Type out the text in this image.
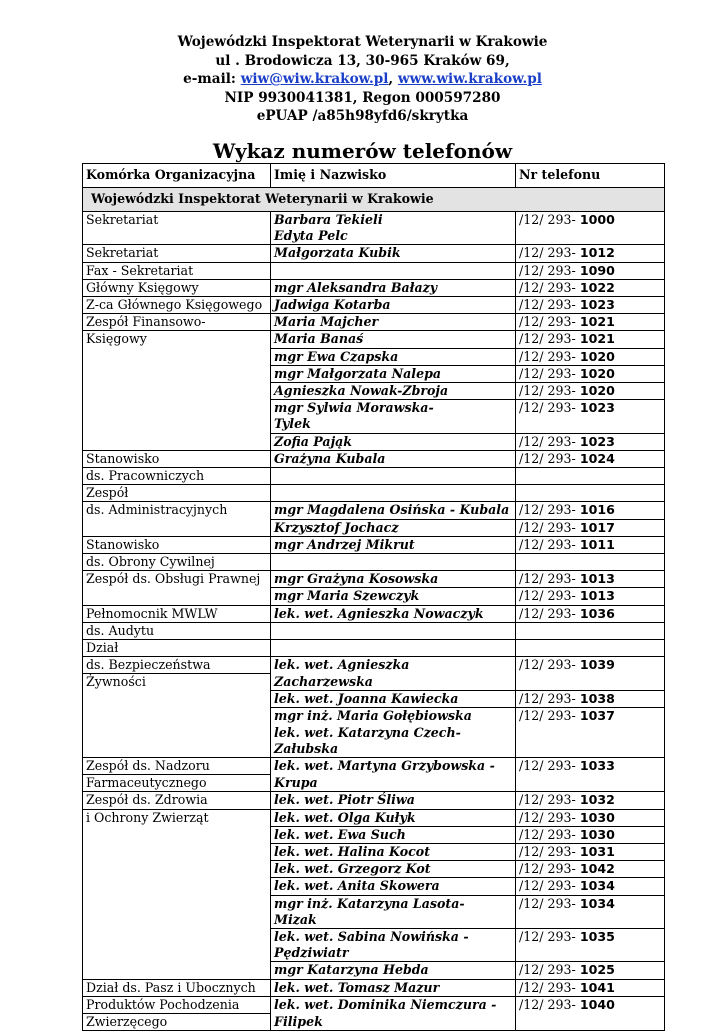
Wojewódzki Inspektorat Weterynarii w Krakowie
ul . Brodowicza 13, 30-965 Kraków 69,
e-mail: wiw@wiw.krakow.pl, www.wiw.krakow.pl
NIP 9930041381, Regon 000597280
ePUAP /a85h98yfd6/skrytka
Wykaz numerów telefonów
Komórka Organizacyjna	Imię i Nazwisko	Nr telefonu
Wojewódzki Inspektorat Weterynarii w Krakowie		
Sekretariat	Barbara Tekieli	/12/ 293- 1000
	Edyta Pelc	
Sekretariat	Małgorzata Kubik	/12/ 293- 1012
Fax - Sekretariat		/12/ 293- 1090
Główny Księgowy	mgr Aleksandra Bałazy	/12/ 293- 1022
Z-ca Głównego Księgowego	Jadwiga Kotarba	/12/ 293- 1023
Zespół Finansowo-	Maria Majcher	/12/ 293- 1021
Księgowy	Maria Banaś	/12/ 293- 1021
	mgr Ewa Czapska	/12/ 293- 1020
	mgr Małgorzata Nalepa	/12/ 293- 1020
	Agnieszka Nowak-Zbroja	/12/ 293- 1020
	mgr Sylwia Morawska-	/12/ 293- 1023
	Tylek	
	Zofia Pająk	/12/ 293- 1023
Stanowisko	Grażyna Kubala	/12/ 293- 1024
ds. Pracowniczych		
Zespół		
ds. Administracyjnych	mgr Magdalena Osińska - Kubala	/12/ 293- 1016
	Krzysztof Jochacz	/12/ 293- 1017
Stanowisko	mgr Andrzej Mikrut	/12/ 293- 1011
ds. Obrony Cywilnej		
Zespół ds. Obsługi Prawnej	mgr Grażyna Kosowska	/12/ 293- 1013
	mgr Maria Szewczyk	/12/ 293- 1013
Pełnomocnik MWLW	lek. wet. Agnieszka Nowaczyk	/12/ 293- 1036
ds. Audytu		
Dział		
ds. Bezpieczeństwa	lek. wet. Agnieszka	/12/ 293- 1039
Żywności	Zacharzewska	
	lek. wet. Joanna Kawiecka	/12/ 293- 1038
	mgr inż. Maria Gołębiowska	/12/ 293- 1037
	lek. wet. Katarzyna Czech-	
	Załubska	
Zespół ds. Nadzoru	lek. wet. Martyna Grzybowska -	/12/ 293- 1033
Farmaceutycznego	Krupa	
Zespół ds. Zdrowia	lek. wet. Piotr Śliwa	/12/ 293- 1032
i Ochrony Zwierząt	lek. wet. Olga Kułyk	/12/ 293- 1030
	lek. wet. Ewa Such	/12/ 293- 1030
	lek. wet. Halina Kocot	/12/ 293- 1031
	lek. wet. Grzegorz Kot	/12/ 293- 1042
	lek. wet. Anita Skowera	/12/ 293- 1034
	mgr inż. Katarzyna Lasota-	/12/ 293- 1034
	Mizak	
	lek. wet. Sabina Nowińska -	/12/ 293- 1035
	Pędziwiatr	
	mgr Katarzyna Hebda	/12/ 293- 1025
Dział ds. Pasz i Ubocznych	lek. wet. Tomasz Mazur	/12/ 293- 1041
Produktów Pochodzenia	lek. wet. Dominika Niemczura -	/12/ 293- 1040
Zwierzęcego	Filipek	
